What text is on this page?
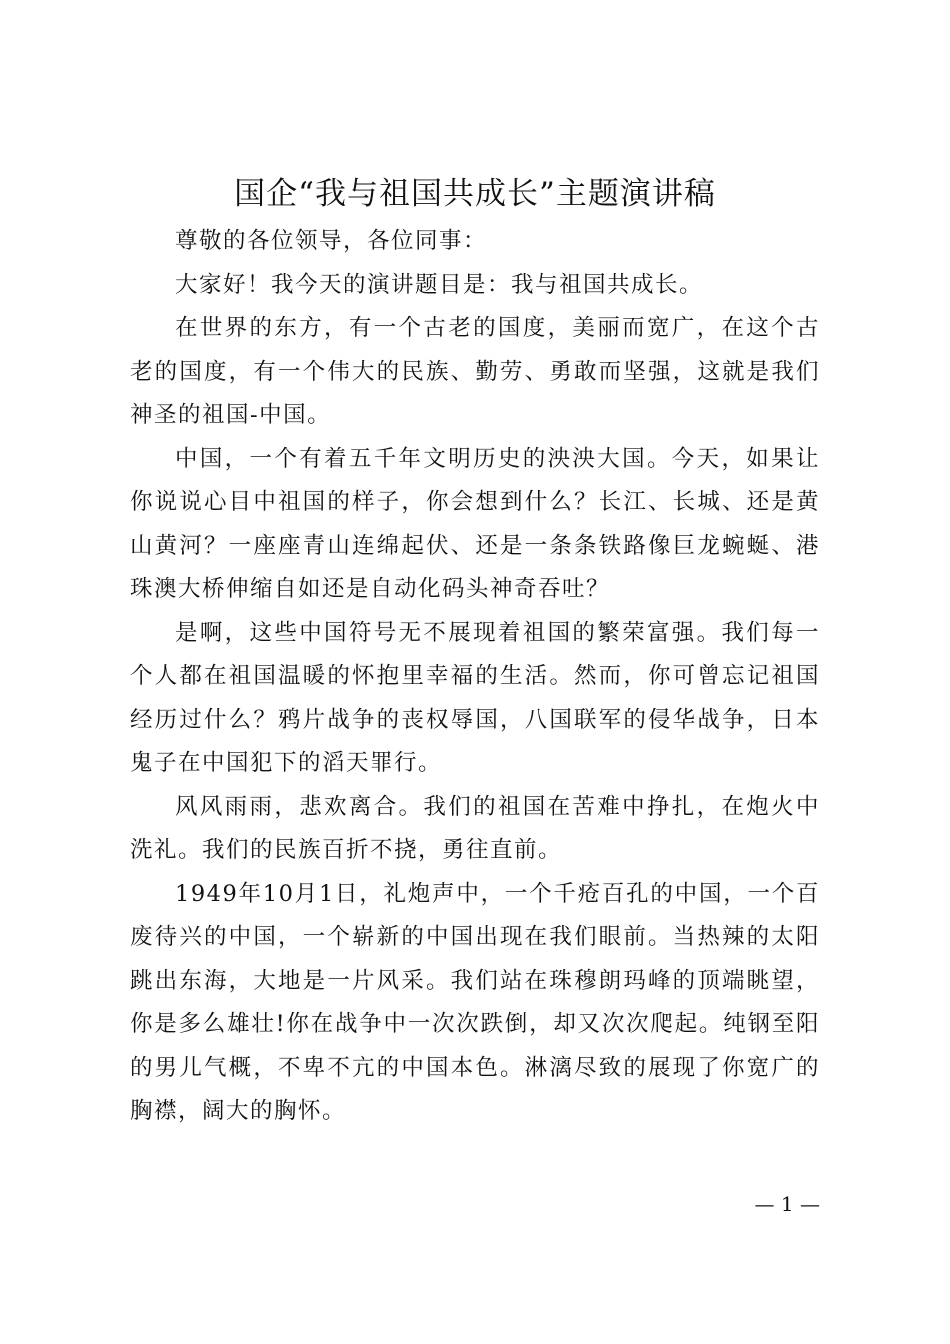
国企“我与祖国共成长”主题演讲稿

尊敬的各位领导，各位同事：

大家好！我今天的演讲题目是：我与祖国共成长。

在世界的东方，有一个古老的国度，美丽而宽广，在这个古老的国度，有一个伟大的民族、勤劳、勇敢而坚强，这就是我们神圣的祖国-中国。

中国，一个有着五千年文明历史的泱泱大国。今天，如果让你说说心目中祖国的样子，你会想到什么？长江、长城、还是黄山黄河？一座座青山连绵起伏、还是一条条铁路像巨龙蜿蜒、港珠澳大桥伸缩自如还是自动化码头神奇吞吐？

是啊，这些中国符号无不展现着祖国的繁荣富强。我们每一个人都在祖国温暖的怀抱里幸福的生活。然而，你可曾忘记祖国经历过什么？鸦片战争的丧权辱国，八国联军的侵华战争，日本鬼子在中国犯下的滔天罪行。

风风雨雨，悲欢离合。我们的祖国在苦难中挣扎，在炮火中洗礼。我们的民族百折不挠，勇往直前。

1949年10月1日，礼炮声中，一个千疮百孔的中国，一个百废待兴的中国，一个崭新的中国出现在我们眼前。当热辣的太阳跳出东海，大地是一片风采。我们站在珠穆朗玛峰的顶端眺望，你是多么雄壮!你在战争中一次次跌倒，却又次次爬起。纯钢至阳的男儿气概，不卑不亢的中国本色。淋漓尽致的展现了你宽广的胸襟，阔大的胸怀。

— 1 —
